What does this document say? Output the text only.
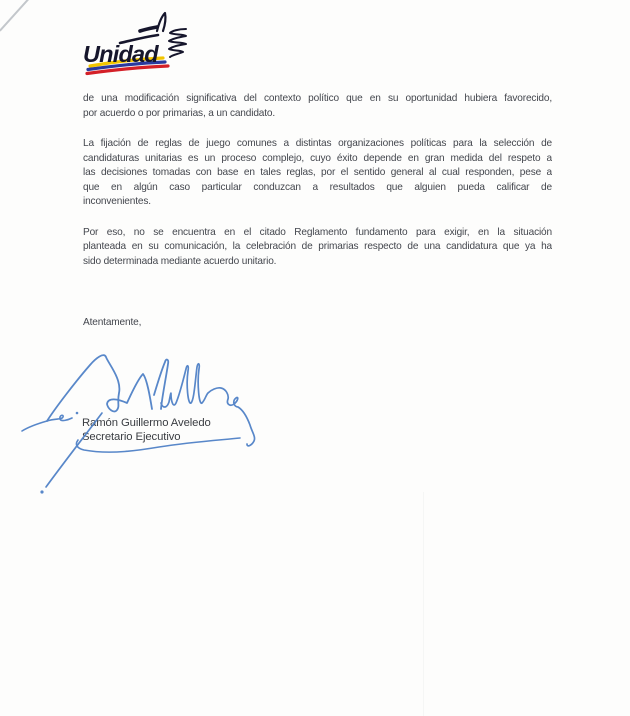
Unidad
de una modificación significativa del contexto político que en su oportunidad hubiera favorecido,
por acuerdo o por primarias, a un candidato.
La fijación de reglas de juego comunes a distintas organizaciones políticas para la selección de
candidaturas unitarias es un proceso complejo, cuyo éxito depende en gran medida del respeto a
las decisiones tomadas con base en tales reglas, por el sentido general al cual responden, pese a
que en algún caso particular conduzcan a resultados que alguien pueda calificar de
inconvenientes.
Por eso, no se encuentra en el citado Reglamento fundamento para exigir, en la situación
planteada en su comunicación, la celebración de primarias respecto de una candidatura que ya ha
sido determinada mediante acuerdo unitario.
Atentamente,
Ramón Guillermo Aveledo
Secretario Ejecutivo
